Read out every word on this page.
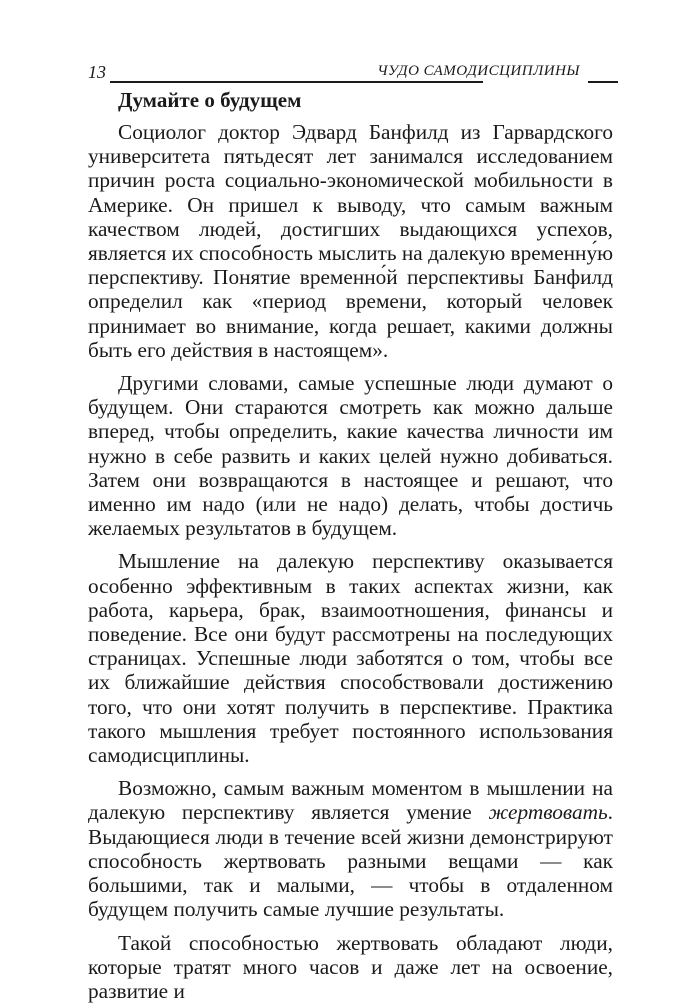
13	ЧУДО САМОДИСЦИПЛИНЫ
Думайте о будущем

Социолог доктор Эдвард Банфилд из Гарвардского университета пятьдесят лет занимался исследованием причин роста социально-экономической мобильности в Америке. Он пришел к выводу, что самым важным качеством людей, достигших выдающихся успехов, является их способность мыслить на далекую временну́ю перспективу. Понятие временно́й перспективы Банфилд определил как «период времени, который человек принимает во внимание, когда решает, какими должны быть его действия в настоящем».

Другими словами, самые успешные люди думают о будущем. Они стараются смотреть как можно дальше вперед, чтобы определить, какие качества личности им нужно в себе развить и каких целей нужно добиваться. Затем они возвращаются в настоящее и решают, что именно им надо (или не надо) делать, чтобы достичь желаемых результатов в будущем.

Мышление на далекую перспективу оказывается особенно эффективным в таких аспектах жизни, как работа, карьера, брак, взаимоотношения, финансы и поведение. Все они будут рассмотрены на последующих страницах. Успешные люди заботятся о том, чтобы все их ближайшие действия способствовали достижению того, что они хотят получить в перспективе. Практика такого мышления требует постоянного использования самодисциплины.

Возможно, самым важным моментом в мышлении на далекую перспективу является умение жертвовать. Выдающиеся люди в течение всей жизни демонстрируют способность жертвовать разными вещами — как большими, так и малыми, — чтобы в отдаленном будущем получить самые лучшие результаты.

Такой способностью жертвовать обладают люди, которые тратят много часов и даже лет на освоение, развитие и
